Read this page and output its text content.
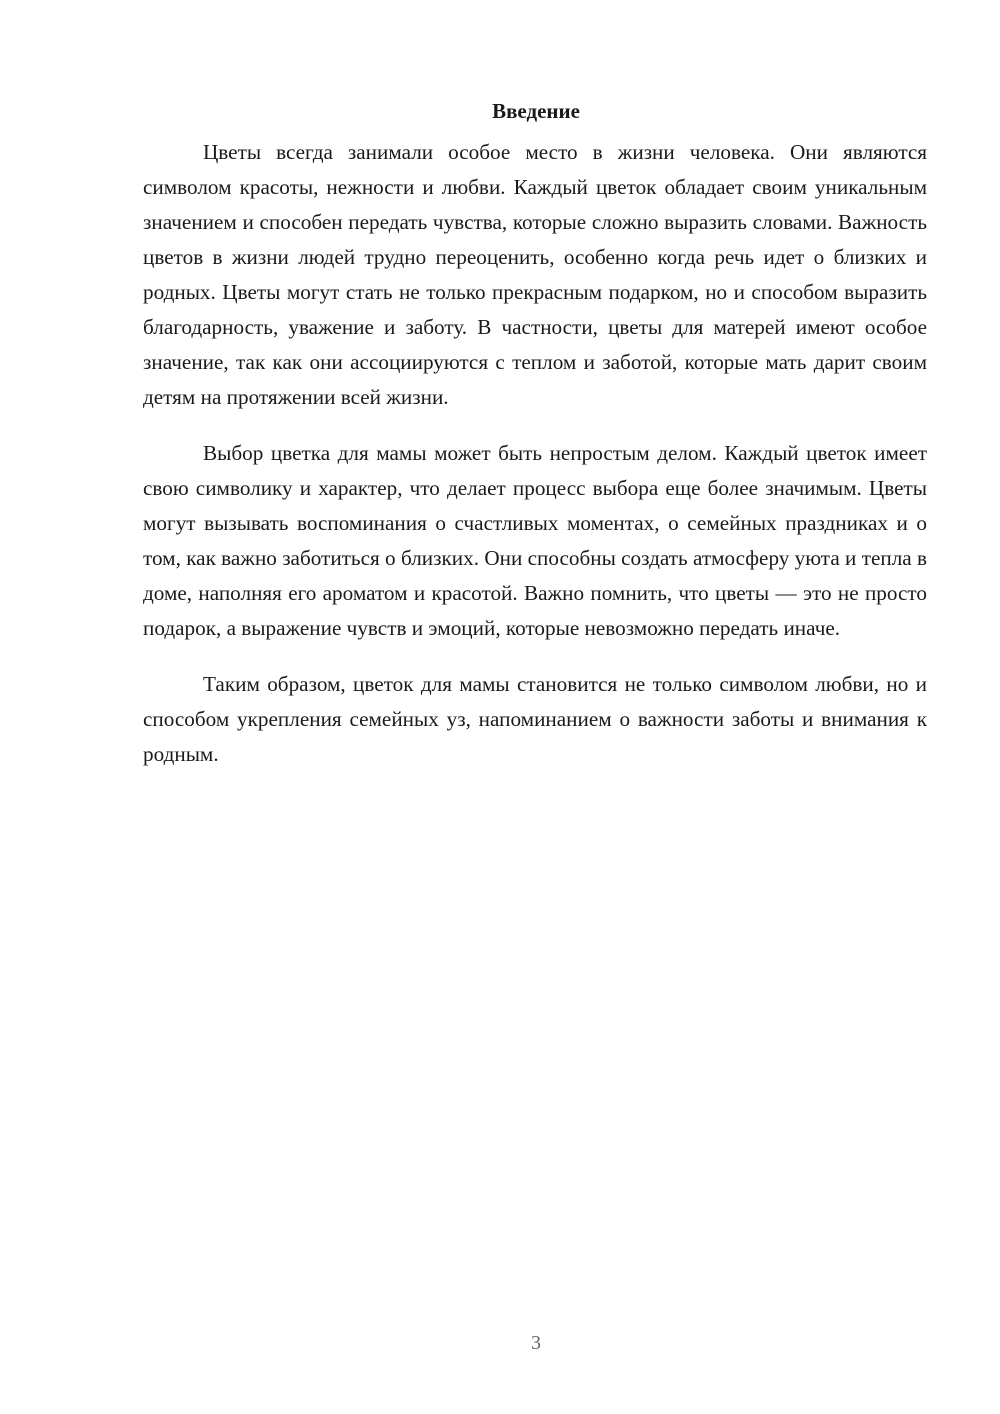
Введение

Цветы всегда занимали особое место в жизни человека. Они являются символом красоты, нежности и любви. Каждый цветок обладает своим уникальным значением и способен передать чувства, которые сложно выразить словами. Важность цветов в жизни людей трудно переоценить, особенно когда речь идет о близких и родных. Цветы могут стать не только прекрасным подарком, но и способом выразить благодарность, уважение и заботу. В частности, цветы для матерей имеют особое значение, так как они ассоциируются с теплом и заботой, которые мать дарит своим детям на протяжении всей жизни.

Выбор цветка для мамы может быть непростым делом. Каждый цветок имеет свою символику и характер, что делает процесс выбора еще более значимым. Цветы могут вызывать воспоминания о счастливых моментах, о семейных праздниках и о том, как важно заботиться о близких. Они способны создать атмосферу уюта и тепла в доме, наполняя его ароматом и красотой. Важно помнить, что цветы — это не просто подарок, а выражение чувств и эмоций, которые невозможно передать иначе.

Таким образом, цветок для мамы становится не только символом любви, но и способом укрепления семейных уз, напоминанием о важности заботы и внимания к родным.

3
